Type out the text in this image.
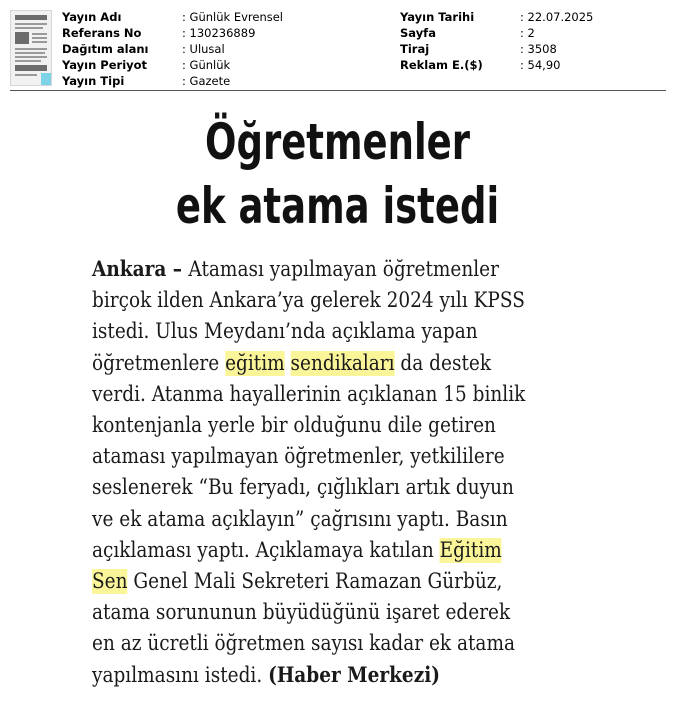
Yayın Adı	: Günlük Evrensel
Referans No	: 130236889
Dağıtım alanı	: Ulusal
Yayın Periyot	: Günlük
Yayın Tipi	: Gazete
Yayın Tarihi	: 22.07.2025
Sayfa	: 2
Tiraj	: 3508
Reklam E.($)	: 54,90
Öğretmenler
ek atama istedi
Ankara – Ataması yapılmayan öğretmenler
birçok ilden Ankara’ya gelerek 2024 yılı KPSS
istedi. Ulus Meydanı’nda açıklama yapan
öğretmenlere eğitim sendikaları da destek
verdi. Atanma hayallerinin açıklanan 15 binlik
kontenjanla yerle bir olduğunu dile getiren
ataması yapılmayan öğretmenler, yetkililere
seslenerek “Bu feryadı, çığlıkları artık duyun
ve ek atama açıklayın” çağrısını yaptı. Basın
açıklaması yaptı. Açıklamaya katılan Eğitim
Sen Genel Mali Sekreteri Ramazan Gürbüz,
atama sorununun büyüdüğünü işaret ederek
en az ücretli öğretmen sayısı kadar ek atama
yapılmasını istedi. (Haber Merkezi)
